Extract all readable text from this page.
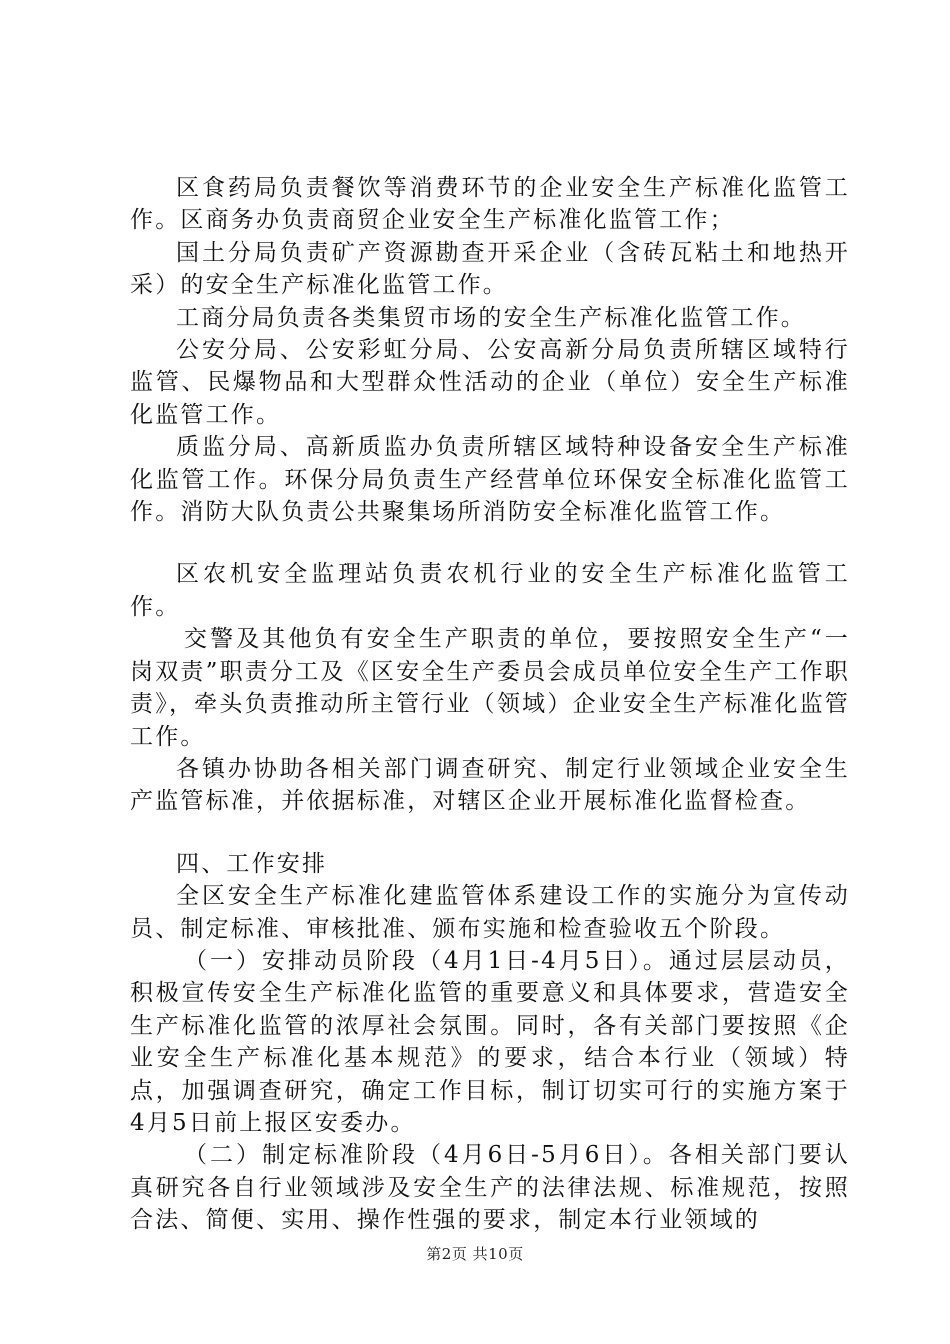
区食药局负责餐饮等消费环节的企业安全生产标准化监管工作。区商务办负责商贸企业安全生产标准化监管工作；

国土分局负责矿产资源勘查开采企业（含砖瓦粘土和地热开采）的安全生产标准化监管工作。

工商分局负责各类集贸市场的安全生产标准化监管工作。

公安分局、公安彩虹分局、公安高新分局负责所辖区域特行监管、民爆物品和大型群众性活动的企业（单位）安全生产标准化监管工作。

质监分局、高新质监办负责所辖区域特种设备安全生产标准化监管工作。环保分局负责生产经营单位环保安全标准化监管工作。消防大队负责公共聚集场所消防安全标准化监管工作。

区农机安全监理站负责农机行业的安全生产标准化监管工作。

交警及其他负有安全生产职责的单位，要按照安全生产“一岗双责”职责分工及《区安全生产委员会成员单位安全生产工作职责》，牵头负责推动所主管行业（领域）企业安全生产标准化监管工作。

各镇办协助各相关部门调查研究、制定行业领域企业安全生产监管标准，并依据标准，对辖区企业开展标准化监督检查。

四、工作安排

全区安全生产标准化建监管体系建设工作的实施分为宣传动员、制定标准、审核批准、颁布实施和检查验收五个阶段。

（一）安排动员阶段（4月1日-4月5日）。通过层层动员，积极宣传安全生产标准化监管的重要意义和具体要求，营造安全生产标准化监管的浓厚社会氛围。同时，各有关部门要按照《企业安全生产标准化基本规范》的要求，结合本行业（领域）特点，加强调查研究，确定工作目标，制订切实可行的实施方案于4月5日前上报区安委办。

（二）制定标准阶段（4月6日-5月6日）。各相关部门要认真研究各自行业领域涉及安全生产的法律法规、标准规范，按照合法、简便、实用、操作性强的要求，制定本行业领域的

第2页 共10页
